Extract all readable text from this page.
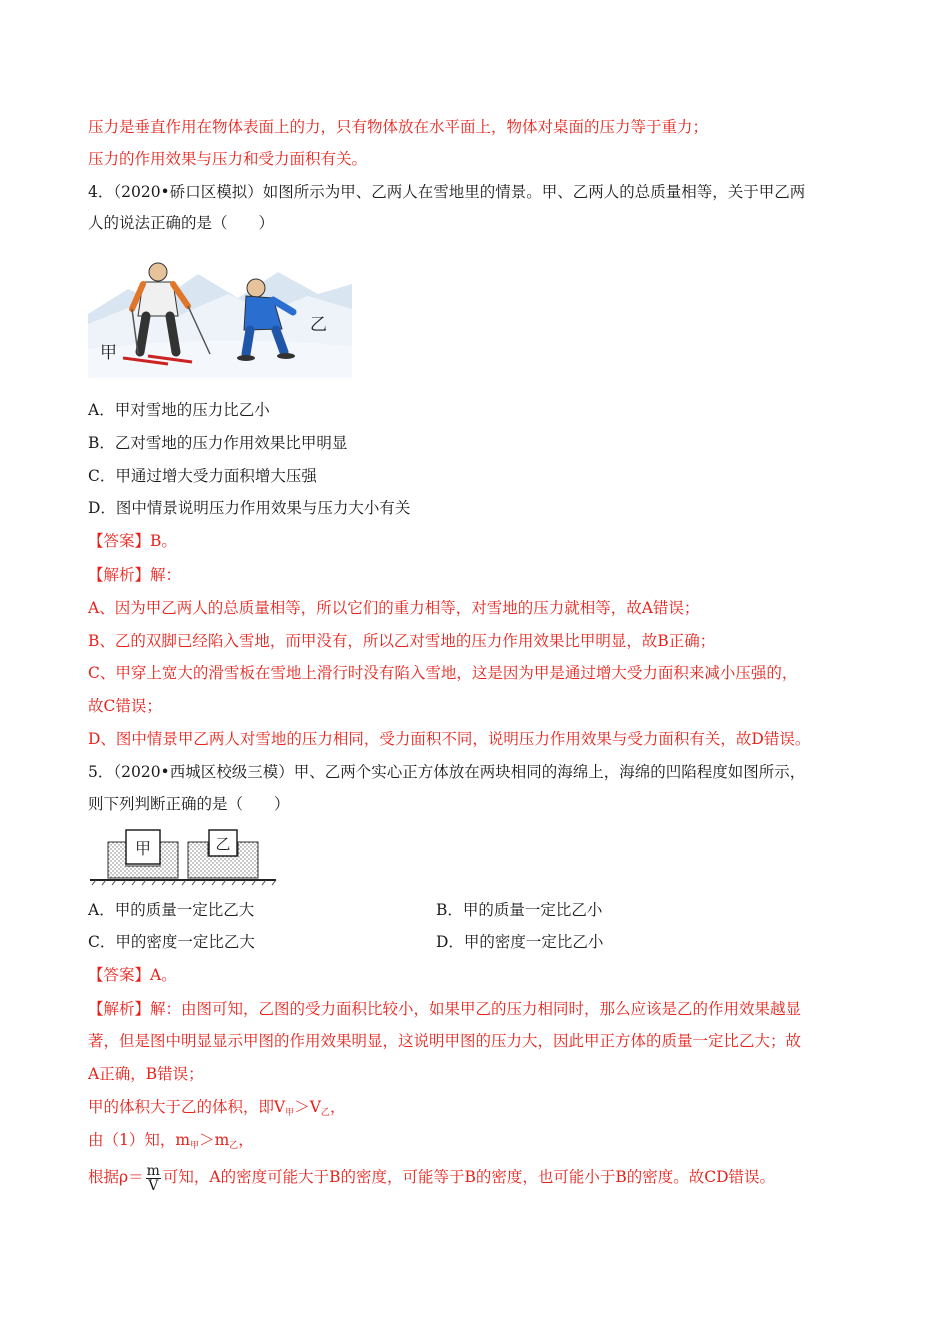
压力是垂直作用在物体表面上的力，只有物体放在水平面上，物体对桌面的压力等于重力；
压力的作用效果与压力和受力面积有关。
4．（2020•硚口区模拟）如图所示为甲、乙两人在雪地里的情景。甲、乙两人的总质量相等，关于甲乙两
人的说法正确的是（　　）
乙
甲
A．甲对雪地的压力比乙小
B．乙对雪地的压力作用效果比甲明显
C．甲通过增大受力面积增大压强
D．图中情景说明压力作用效果与压力大小有关
【答案】B。
【解析】解：
A、因为甲乙两人的总质量相等，所以它们的重力相等，对雪地的压力就相等，故A错误；
B、乙的双脚已经陷入雪地，而甲没有，所以乙对雪地的压力作用效果比甲明显，故B正确；
C、甲穿上宽大的滑雪板在雪地上滑行时没有陷入雪地，这是因为甲是通过增大受力面积来减小压强的，
故C错误；
D、图中情景甲乙两人对雪地的压力相同，受力面积不同，说明压力作用效果与受力面积有关，故D错误。
5．（2020•西城区校级三模）甲、乙两个实心正方体放在两块相同的海绵上，海绵的凹陷程度如图所示，
则下列判断正确的是（　　）
甲	乙
A．甲的质量一定比乙大	B．甲的质量一定比乙小
C．甲的密度一定比乙大	D．甲的密度一定比乙小
【答案】A。
【解析】解：由图可知，乙图的受力面积比较小，如果甲乙的压力相同时，那么应该是乙的作用效果越显
著，但是图中明显显示甲图的作用效果明显，这说明甲图的压力大，因此甲正方体的质量一定比乙大；故
A正确，B错误；
甲的体积大于乙的体积，即$V_甲>V_乙$，
由（1）知，$m_甲>m_乙$，
根据$\rho= \frac{m}{V}$ 可知，A的密度可能大于B的密度，可能等于B的密度，也可能小于B的密度。故CD错误。
